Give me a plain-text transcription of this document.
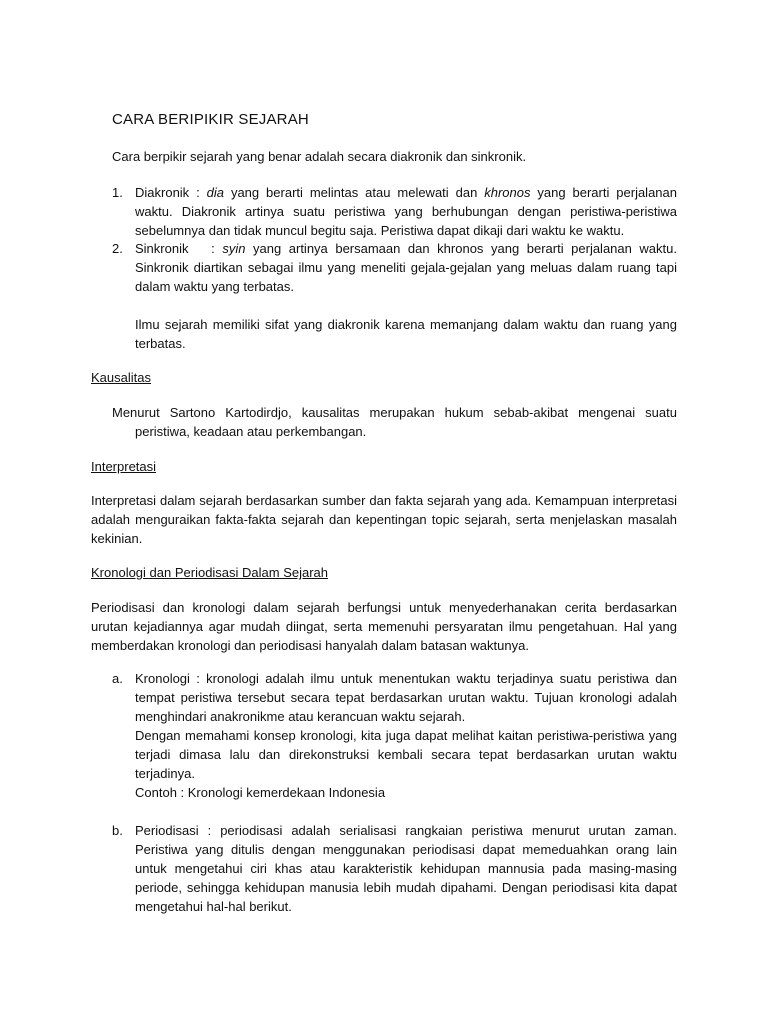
CARA BERIPIKIR SEJARAH

Cara berpikir sejarah yang benar adalah secara diakronik dan sinkronik.

1. Diakronik : dia yang berarti melintas atau melewati dan khronos yang berarti perjalanan waktu. Diakronik artinya suatu peristiwa yang berhubungan dengan peristiwa-peristiwa sebelumnya dan tidak muncul begitu saja. Peristiwa dapat dikaji dari waktu ke waktu.

2. Sinkronik   : syin yang artinya bersamaan dan khronos yang berarti perjalanan waktu. Sinkronik diartikan sebagai ilmu yang meneliti gejala-gejalan yang meluas dalam ruang tapi dalam waktu yang terbatas.

Ilmu sejarah memiliki sifat yang diakronik karena memanjang dalam waktu dan ruang yang terbatas.

Kausalitas

Menurut Sartono Kartodirdjo, kausalitas merupakan hukum sebab-akibat mengenai suatu peristiwa, keadaan atau perkembangan.

Interpretasi

Interpretasi dalam sejarah berdasarkan sumber dan fakta sejarah yang ada. Kemampuan interpretasi adalah menguraikan fakta-fakta sejarah dan kepentingan topic sejarah, serta menjelaskan masalah kekinian.

Kronologi dan Periodisasi Dalam Sejarah

Periodisasi dan kronologi dalam sejarah berfungsi untuk menyederhanakan cerita berdasarkan urutan kejadiannya agar mudah diingat, serta memenuhi persyaratan ilmu pengetahuan. Hal yang memberdakan kronologi dan periodisasi hanyalah dalam batasan waktunya.

a. Kronologi : kronologi adalah ilmu untuk menentukan waktu terjadinya suatu peristiwa dan tempat peristiwa tersebut secara tepat berdasarkan urutan waktu. Tujuan kronologi adalah menghindari anakronikme atau kerancuan waktu sejarah.
Dengan memahami konsep kronologi, kita juga dapat melihat kaitan peristiwa-peristiwa yang terjadi dimasa lalu dan direkonstruksi kembali secara tepat berdasarkan urutan waktu terjadinya.
Contoh : Kronologi kemerdekaan Indonesia

b. Periodisasi : periodisasi adalah serialisasi rangkaian peristiwa menurut urutan zaman. Peristiwa yang ditulis dengan menggunakan periodisasi dapat memeduahkan orang lain untuk mengetahui ciri khas atau karakteristik kehidupan mannusia pada masing-masing periode, sehingga kehidupan manusia lebih mudah dipahami. Dengan periodisasi kita dapat mengetahui hal-hal berikut.
